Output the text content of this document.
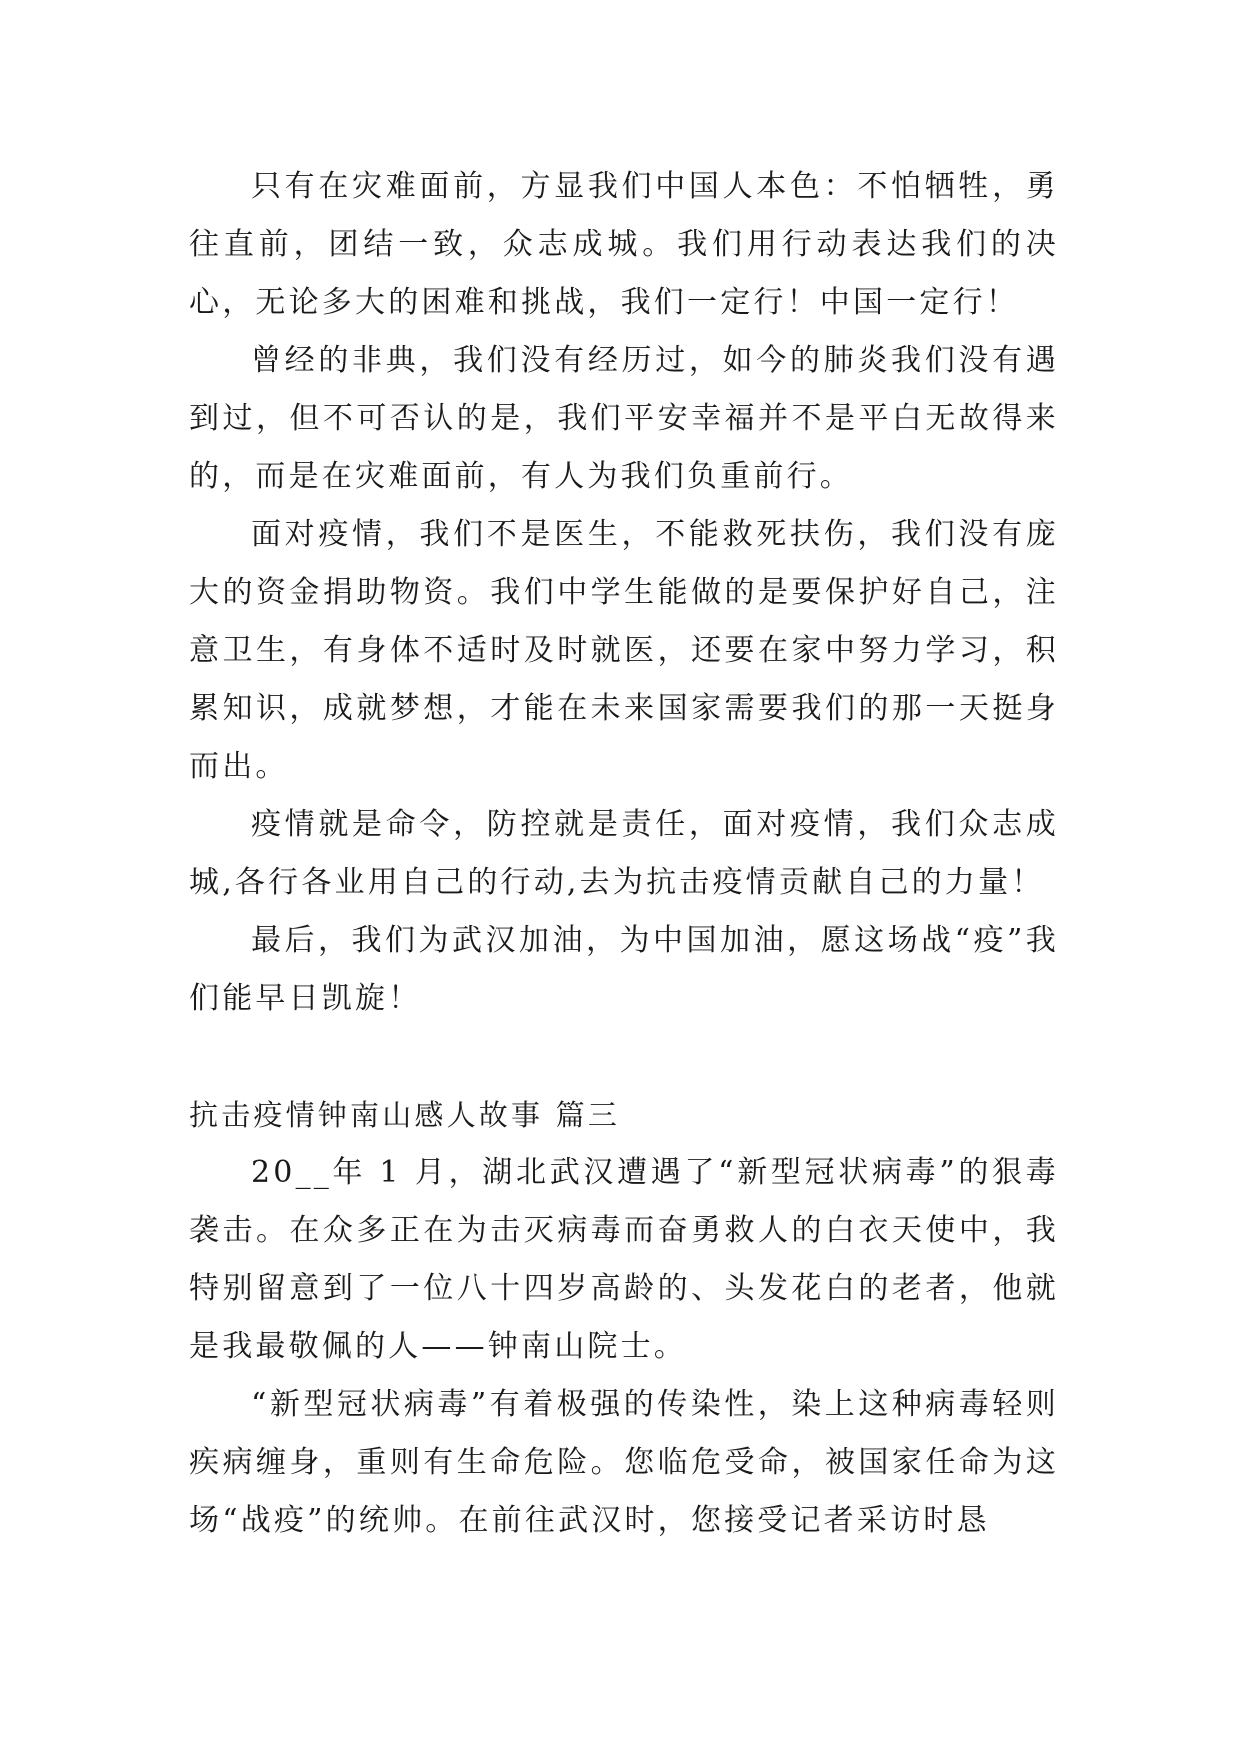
只有在灾难面前，方显我们中国人本色：不怕牺牲，勇往直前，团结一致，众志成城。我们用行动表达我们的决心，无论多大的困难和挑战，我们一定行！中国一定行！

曾经的非典，我们没有经历过，如今的肺炎我们没有遇到过，但不可否认的是，我们平安幸福并不是平白无故得来的，而是在灾难面前，有人为我们负重前行。

面对疫情，我们不是医生，不能救死扶伤，我们没有庞大的资金捐助物资。我们中学生能做的是要保护好自己，注意卫生，有身体不适时及时就医，还要在家中努力学习，积累知识，成就梦想，才能在未来国家需要我们的那一天挺身而出。

疫情就是命令，防控就是责任，面对疫情，我们众志成城,各行各业用自己的行动,去为抗击疫情贡献自己的力量！

最后，我们为武汉加油，为中国加油，愿这场战“疫”我们能早日凯旋！

抗击疫情钟南山感人故事 篇三

20__年 1 月，湖北武汉遭遇了“新型冠状病毒”的狠毒袭击。在众多正在为击灭病毒而奋勇救人的白衣天使中，我特别留意到了一位八十四岁高龄的、头发花白的老者，他就是我最敬佩的人——钟南山院士。

“新型冠状病毒”有着极强的传染性，染上这种病毒轻则疾病缠身，重则有生命危险。您临危受命，被国家任命为这场“战疫”的统帅。在前往武汉时，您接受记者采访时恳
